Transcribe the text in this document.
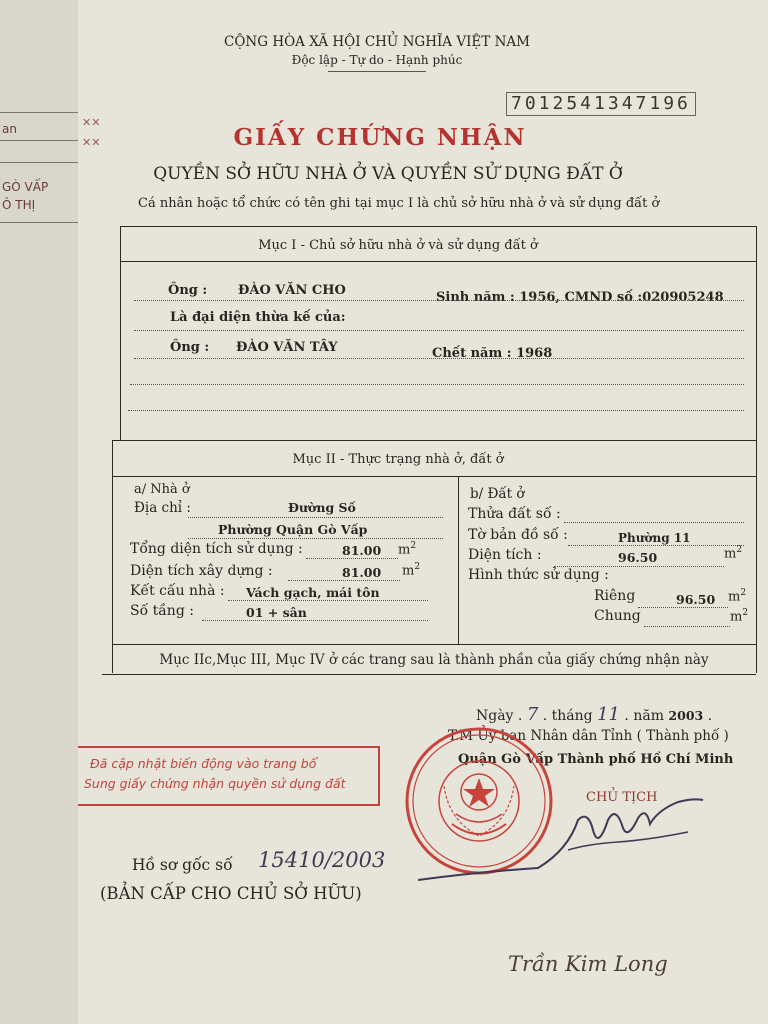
an
GÒ VẤP
Ô THỊ
✕✕
✕✕
CỘNG HÒA XÃ HỘI CHỦ NGHĨA VIỆT NAM
Độc lập - Tự do - Hạnh phúc
7012541347196
GIẤY CHỨNG NHẬN
QUYỀN SỞ HỮU NHÀ Ở VÀ QUYỀN SỬ DỤNG ĐẤT Ở
Cá nhân hoặc tổ chức có tên ghi tại mục I là chủ sở hữu nhà ở và sử dụng đất ở
Mục I - Chủ sở hữu nhà ở và sử dụng đất ở
Ông : ĐÀO VĂN CHO	Sinh năm : 1956, CMND số :020905248
Là đại diện thừa kế của:
Ông : ĐÀO VĂN TÂY	Chết năm : 1968
Mục II - Thực trạng nhà ở, đất ở
a/ Nhà ở
Địa chỉ :	Đường Số
Phường Quận Gò Vấp
Tổng diện tích sử dụng :	81.00 $m^2$
Diện tích xây dựng :	81.00 $m^2$
Kết cấu nhà : Vách gạch, mái tôn
Số tầng :	01 + sân
b/ Đất ở
Thửa đất số :
Tờ bản đồ số :	Phường 11
Diện tích :	96.50	$m^2$
Hình thức sử dụng :
Riêng	96.50 $m^2$
Chung	$m^2$
Mục IIc,Mục III, Mục IV ở các trang sau là thành phần của giấy chứng nhận này
Ngày . 7 . tháng 11 . năm 2003 .
T.M Ủy ban Nhân dân Tỉnh ( Thành phố )
Quận Gò Vấp Thành phố Hồ Chí Minh
CHỦ TỊCH
Đã cập nhật biến động vào trang bổ
Sung giấy chứng nhận quyền sử dụng đất
Hồ sơ gốc số 15410/2003
(BẢN CẤP CHO CHỦ SỞ HỮU)
Trần Kim Long
